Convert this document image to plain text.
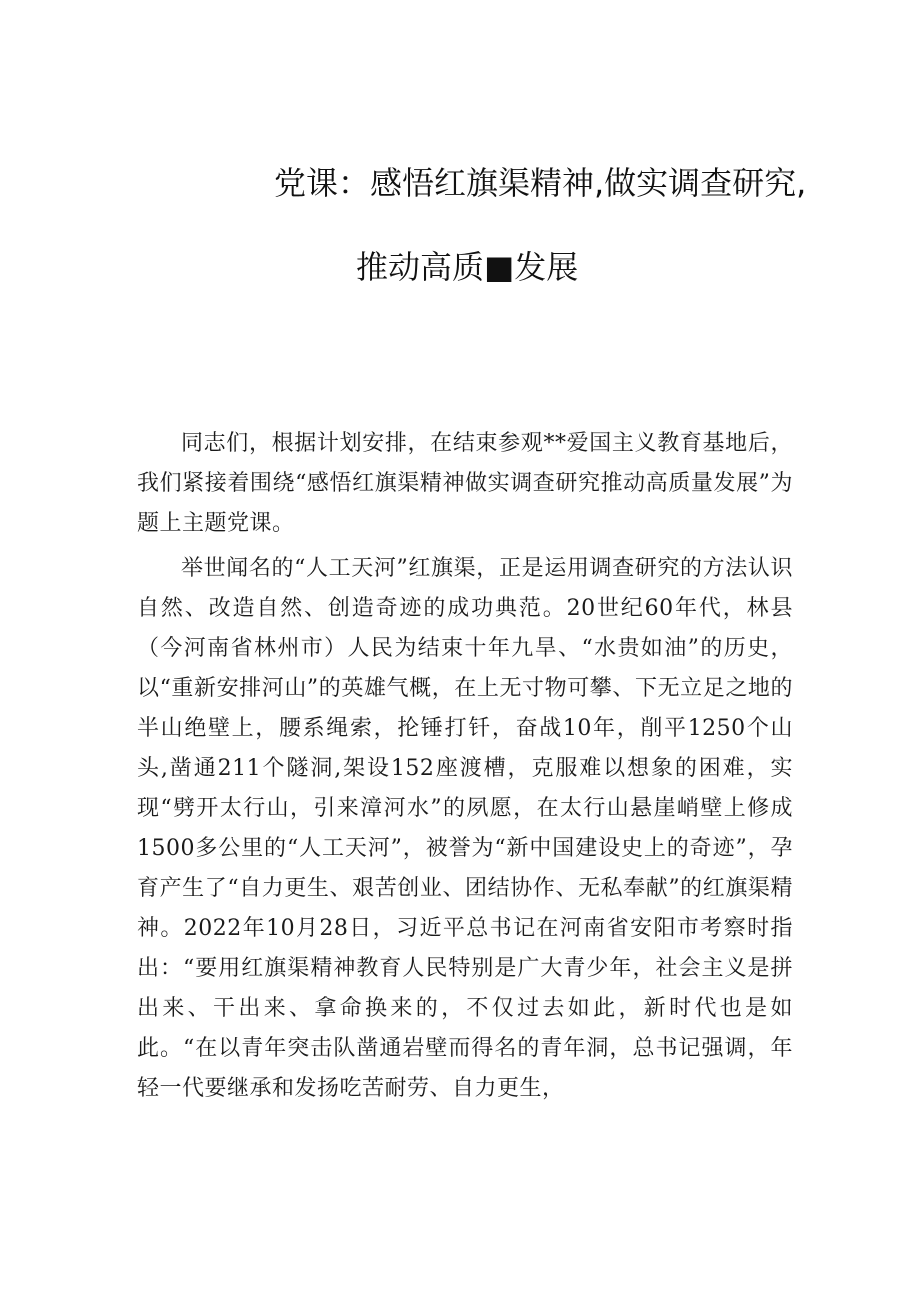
党课：感悟红旗渠精神,做实调查研究,
推动高质■发展

同志们，根据计划安排，在结束参观**爱国主义教育基地后，我们紧接着围绕“感悟红旗渠精神做实调查研究推动高质量发展”为题上主题党课。

举世闻名的“人工天河”红旗渠，正是运用调查研究的方法认识自然、改造自然、创造奇迹的成功典范。20世纪60年代，林县（今河南省林州市）人民为结束十年九旱、“水贵如油”的历史，以“重新安排河山”的英雄气概，在上无寸物可攀、下无立足之地的半山绝壁上，腰系绳索，抡锤打钎，奋战10年，削平1250个山头,凿通211个隧洞,架设152座渡槽，克服难以想象的困难，实现“劈开太行山，引来漳河水”的夙愿，在太行山悬崖峭壁上修成1500多公里的“人工天河”，被誉为“新中国建设史上的奇迹”，孕育产生了“自力更生、艰苦创业、团结协作、无私奉献”的红旗渠精神。2022年10月28日，习近平总书记在河南省安阳市考察时指出：“要用红旗渠精神教育人民特别是广大青少年，社会主义是拼出来、干出来、拿命换来的，不仅过去如此，新时代也是如此。“在以青年突击队凿通岩壁而得名的青年洞，总书记强调，年轻一代要继承和发扬吃苦耐劳、自力更生，
